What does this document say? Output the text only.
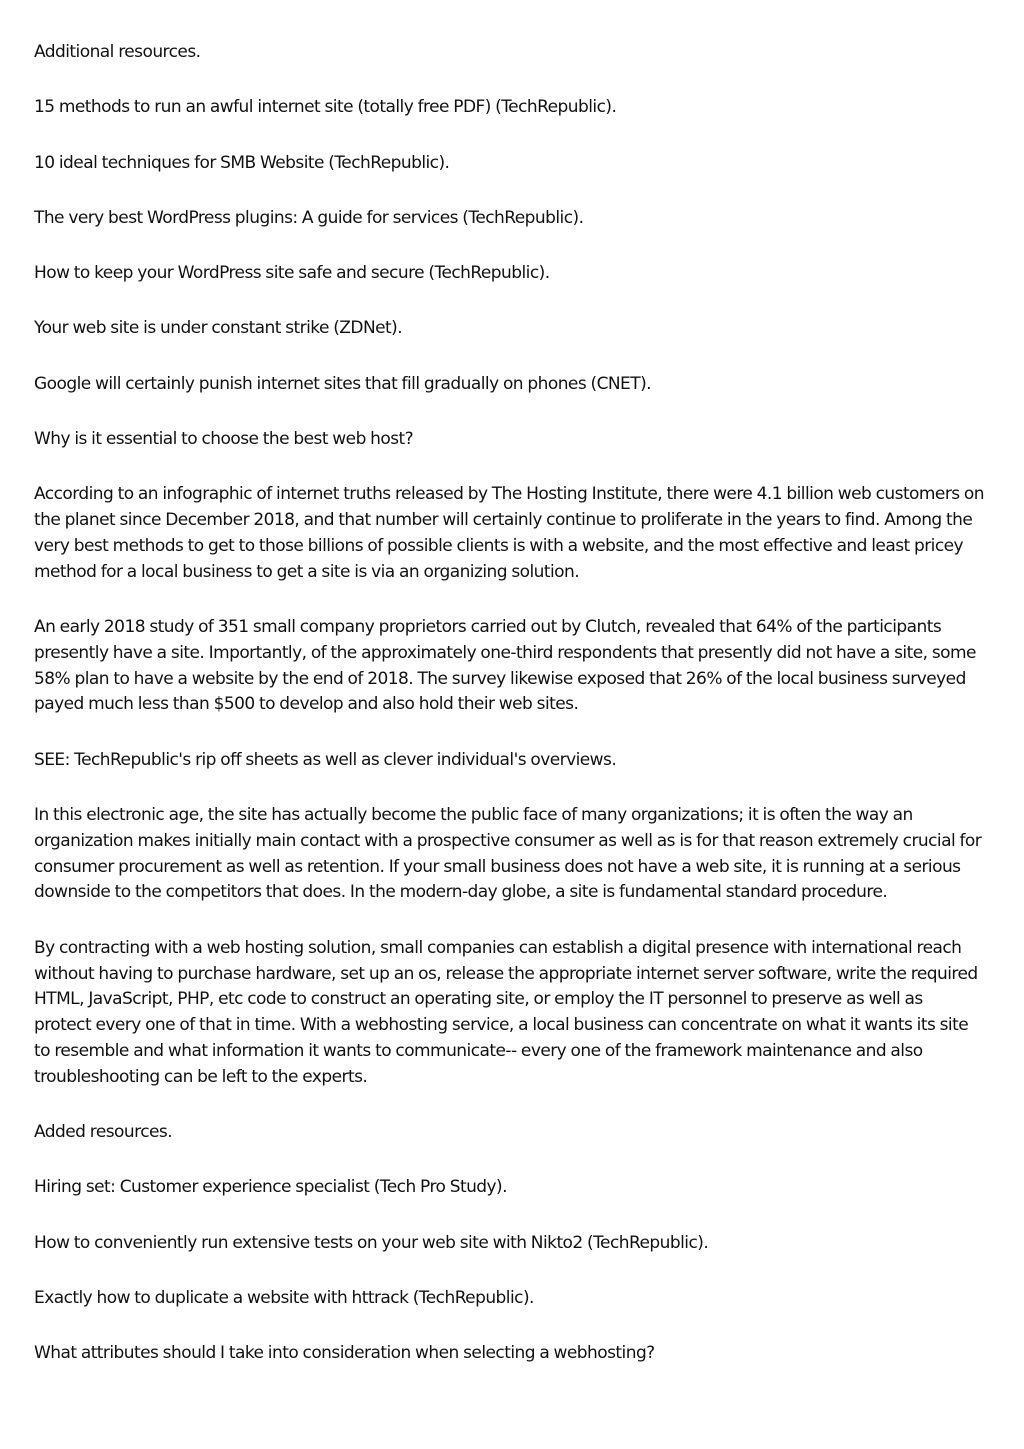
Additional resources.

15 methods to run an awful internet site (totally free PDF) (TechRepublic).

10 ideal techniques for SMB Website (TechRepublic).

The very best WordPress plugins: A guide for services (TechRepublic).

How to keep your WordPress site safe and secure (TechRepublic).

Your web site is under constant strike (ZDNet).

Google will certainly punish internet sites that fill gradually on phones (CNET).

Why is it essential to choose the best web host?

According to an infographic of internet truths released by The Hosting Institute, there were 4.1 billion web customers on the planet since December 2018, and that number will certainly continue to proliferate in the years to find. Among the very best methods to get to those billions of possible clients is with a website, and the most effective and least pricey method for a local business to get a site is via an organizing solution.

An early 2018 study of 351 small company proprietors carried out by Clutch, revealed that 64% of the participants presently have a site. Importantly, of the approximately one-third respondents that presently did not have a site, some 58% plan to have a website by the end of 2018. The survey likewise exposed that 26% of the local business surveyed payed much less than $500 to develop and also hold their web sites.

SEE: TechRepublic's rip off sheets as well as clever individual's overviews.

In this electronic age, the site has actually become the public face of many organizations; it is often the way an organization makes initially main contact with a prospective consumer as well as is for that reason extremely crucial for consumer procurement as well as retention. If your small business does not have a web site, it is running at a serious downside to the competitors that does. In the modern-day globe, a site is fundamental standard procedure.

By contracting with a web hosting solution, small companies can establish a digital presence with international reach without having to purchase hardware, set up an os, release the appropriate internet server software, write the required HTML, JavaScript, PHP, etc code to construct an operating site, or employ the IT personnel to preserve as well as protect every one of that in time. With a webhosting service, a local business can concentrate on what it wants its site to resemble and what information it wants to communicate-- every one of the framework maintenance and also troubleshooting can be left to the experts.

Added resources.

Hiring set: Customer experience specialist (Tech Pro Study).

How to conveniently run extensive tests on your web site with Nikto2 (TechRepublic).

Exactly how to duplicate a website with httrack (TechRepublic).

What attributes should I take into consideration when selecting a webhosting?
